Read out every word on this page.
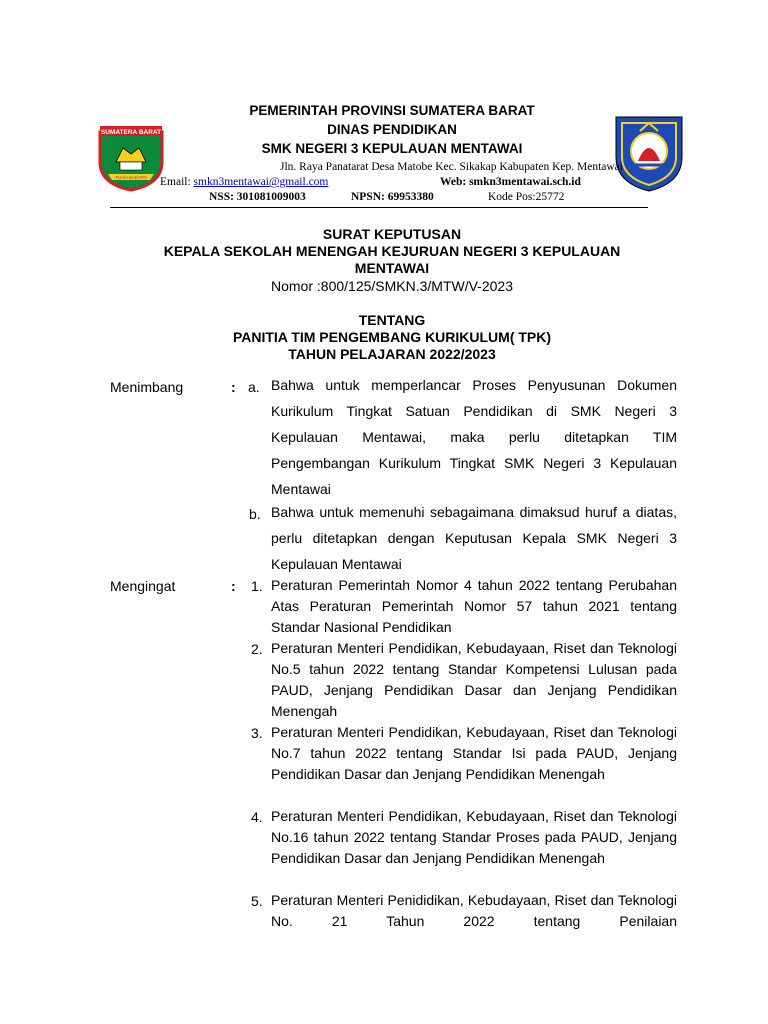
SUMATERA BARAT
TUAH SAKATO
PEMERINTAH PROVINSI SUMATERA BARAT
DINAS PENDIDIKAN
SMK NEGERI 3 KEPULAUAN MENTAWAI
Jln. Raya Panatarat Desa Matobe Kec. Sikakap Kabupaten Kep. Mentawai
Email: smkn3mentawai@gmail.com	Web: smkn3mentawai.sch.id
NSS: 301081009003	NPSN: 69953380	Kode Pos:25772
SURAT KEPUTUSAN
KEPALA SEKOLAH MENENGAH KEJURUAN NEGERI 3 KEPULAUAN
MENTAWAI
Nomor :800/125/SMKN.3/MTW/V-2023
TENTANG
PANITIA TIM PENGEMBANG KURIKULUM( TPK)
TAHUN PELAJARAN 2022/2023
Menimbang	: a. Bahwa untuk memperlancar Proses Penyusunan Dokumen Kurikulum Tingkat Satuan Pendidikan di SMK Negeri 3 Kepulauan Mentawai, maka perlu ditetapkan TIM Pengembangan Kurikulum Tingkat SMK Negeri 3 Kepulauan Mentawai
b. Bahwa untuk memenuhi sebagaimana dimaksud huruf a diatas, perlu ditetapkan dengan Keputusan Kepala SMK Negeri 3 Kepulauan Mentawai
Mengingat	: 1. Peraturan Pemerintah Nomor 4 tahun 2022 tentang Perubahan Atas Peraturan Pemerintah Nomor 57 tahun 2021 tentang Standar Nasional Pendidikan
2. Peraturan Menteri Pendidikan, Kebudayaan, Riset dan Teknologi No.5 tahun 2022 tentang Standar Kompetensi Lulusan pada PAUD, Jenjang Pendidikan Dasar dan Jenjang Pendidikan Menengah
3. Peraturan Menteri Pendidikan, Kebudayaan, Riset dan Teknologi No.7 tahun 2022 tentang Standar Isi pada PAUD, Jenjang Pendidikan Dasar dan Jenjang Pendidikan Menengah
4. Peraturan Menteri Pendidikan, Kebudayaan, Riset dan Teknologi No.16 tahun 2022 tentang Standar Proses pada PAUD, Jenjang Pendidikan Dasar dan Jenjang Pendidikan Menengah
5. Peraturan Menteri Penididikan, Kebudayaan, Riset dan Teknologi No. 21 Tahun 2022 tentang Penilaian
